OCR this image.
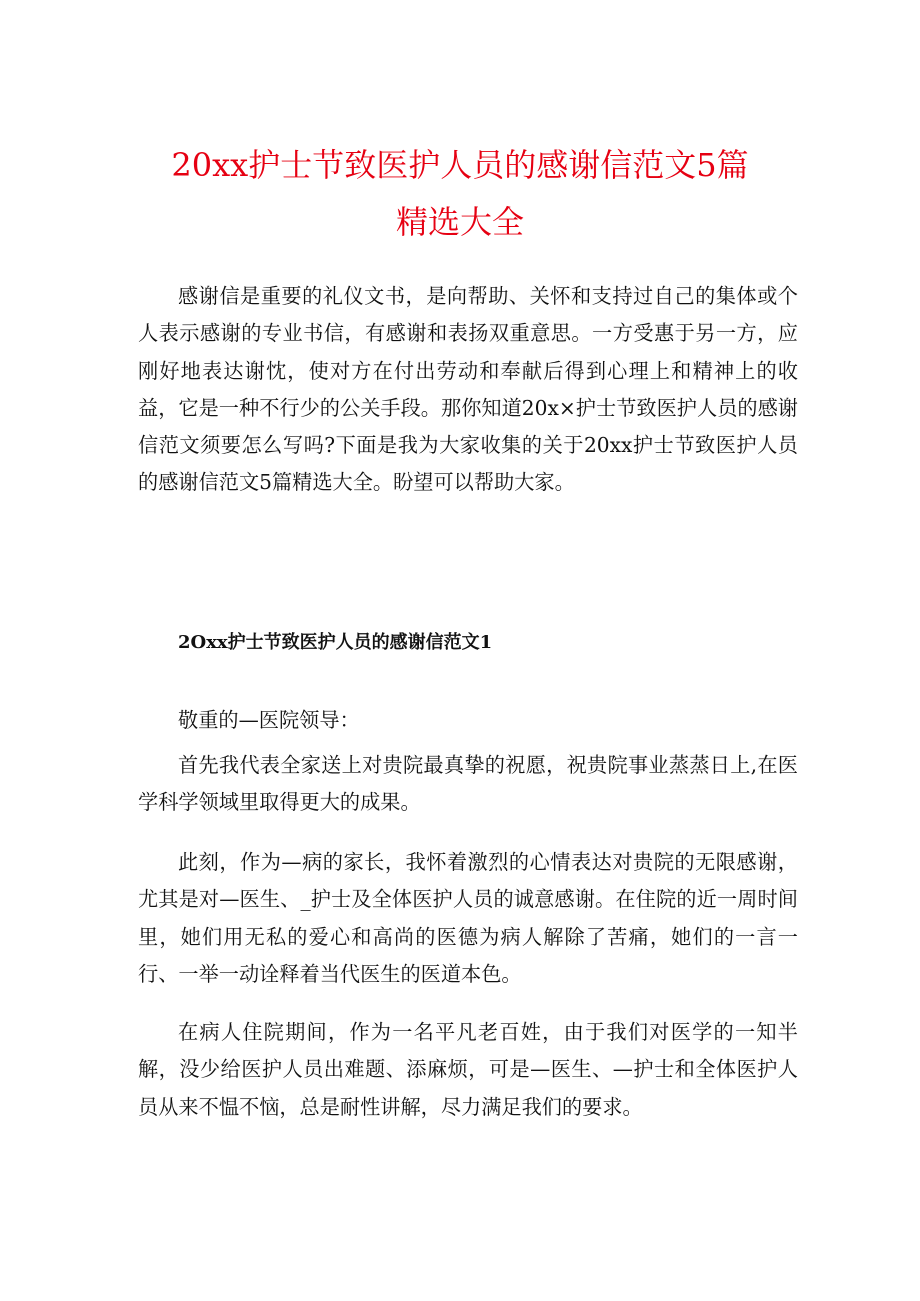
20xx护士节致医护人员的感谢信范文5篇
精选大全

感谢信是重要的礼仪文书，是向帮助、关怀和支持过自己的集体或个人表示感谢的专业书信，有感谢和表扬双重意思。一方受惠于另一方，应刚好地表达谢忱，使对方在付出劳动和奉献后得到心理上和精神上的收益，它是一种不行少的公关手段。那你知道20x×护士节致医护人员的感谢信范文须要怎么写吗?下面是我为大家收集的关于20xx护士节致医护人员的感谢信范文5篇精选大全。盼望可以帮助大家。

2Oxx护士节致医护人员的感谢信范文1

敬重的—医院领导：

首先我代表全家送上对贵院最真挚的祝愿，祝贵院事业蒸蒸日上,在医学科学领域里取得更大的成果。

此刻，作为—病的家长，我怀着激烈的心情表达对贵院的无限感谢，尤其是对—医生、_护士及全体医护人员的诚意感谢。在住院的近一周时间里，她们用无私的爱心和高尚的医德为病人解除了苦痛，她们的一言一行、一举一动诠释着当代医生的医道本色。

在病人住院期间，作为一名平凡老百姓，由于我们对医学的一知半解，没少给医护人员出难题、添麻烦，可是—医生、—护士和全体医护人员从来不愠不恼，总是耐性讲解，尽力满足我们的要求。
